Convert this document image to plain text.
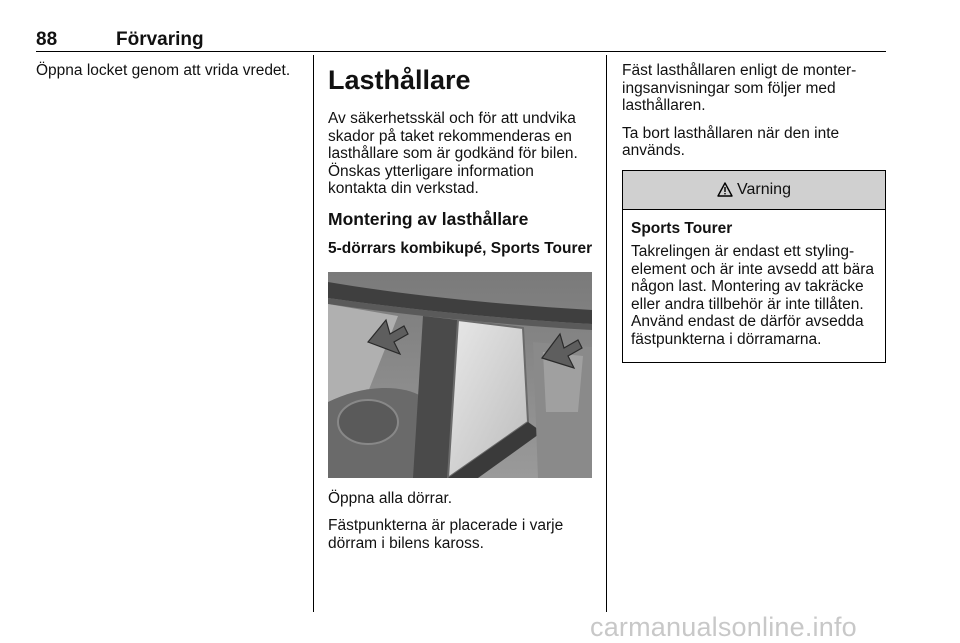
88	Förvaring

Öppna locket genom att vrida vredet.	Lasthållare

Av säkerhetsskäl och för att undvika skador på taket rekommenderas en lasthållare som är godkänd för bilen. Önskas ytterligare information kontakta din verkstad.

Montering av lasthållare
5-dörrars kombikupé, Sports Tourer

Öppna alla dörrar.

Fästpunkterna är placerade i varje dörram i bilens kaross.

Fäst lasthållaren enligt de monter-ingsanvisningar som följer med lasthållaren.

Ta bort lasthållaren när den inte används.

Varning

Sports Tourer

Takrelingen är endast ett styling-element och är inte avsedd att bära någon last. Montering av takräcke eller andra tillbehör är inte tillåten. Använd endast de därför avsedda fästpunkterna i dörramarna.

carmanualsonline.info
